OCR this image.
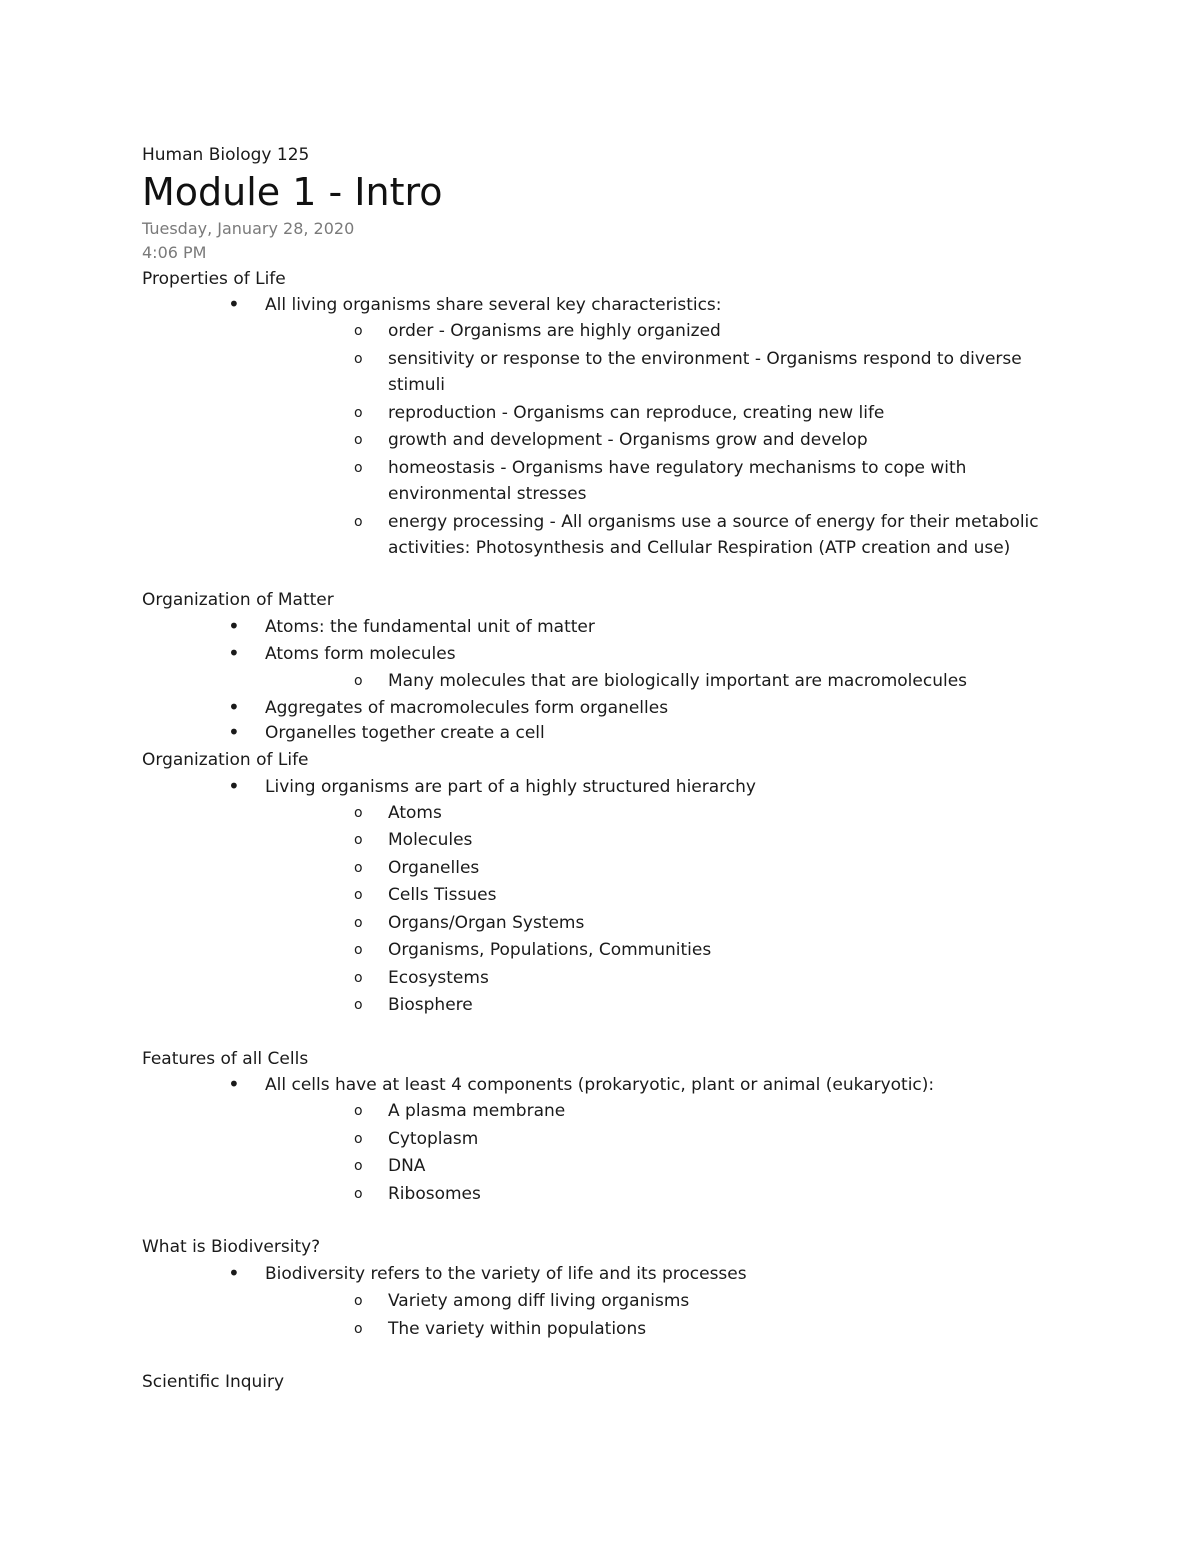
Human Biology 125
Module 1 - Intro
Tuesday, January 28, 2020
4:06 PM
Properties of Life
• All living organisms share several key characteristics:
o order - Organisms are highly organized
o sensitivity or response to the environment - Organisms respond to diverse
stimuli
o reproduction - Organisms can reproduce, creating new life
o growth and development - Organisms grow and develop
o homeostasis - Organisms have regulatory mechanisms to cope with
environmental stresses
o energy processing - All organisms use a source of energy for their metabolic
activities: Photosynthesis and Cellular Respiration (ATP creation and use)
Organization of Matter
• Atoms: the fundamental unit of matter
• Atoms form molecules
o Many molecules that are biologically important are macromolecules
• Aggregates of macromolecules form organelles
• Organelles together create a cell
Organization of Life
• Living organisms are part of a highly structured hierarchy
o Atoms
o Molecules
o Organelles
o Cells Tissues
o Organs/Organ Systems
o Organisms, Populations, Communities
o Ecosystems
o Biosphere
Features of all Cells
• All cells have at least 4 components (prokaryotic, plant or animal (eukaryotic):
o A plasma membrane
o Cytoplasm
o DNA
o Ribosomes
What is Biodiversity?
• Biodiversity refers to the variety of life and its processes
o Variety among diff living organisms
o The variety within populations
Scientific Inquiry
